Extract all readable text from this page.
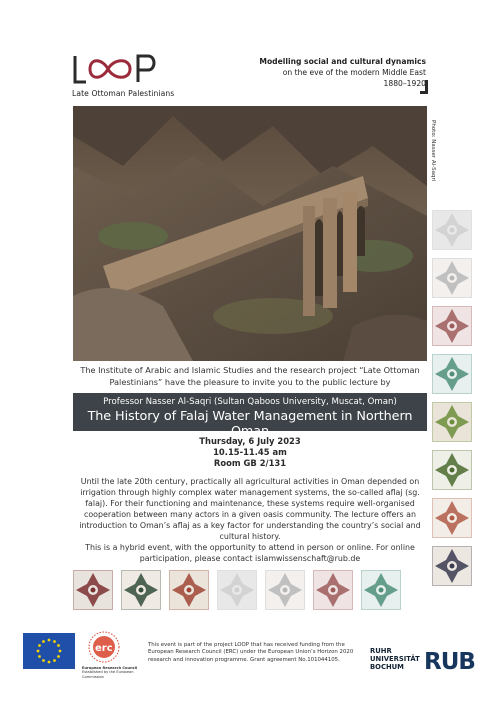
Late Ottoman Palestinians
Modelling social and cultural dynamics
on the eve of the modern Middle East
1880–1920
Photo: Nasser Al-Saqri
The Institute of Arabic and Islamic Studies and the research project “Late Ottoman Palestinians” have the pleasure to invite you to the public lecture by
Professor Nasser Al-Saqri (Sultan Qaboos University, Muscat, Oman)
The History of Falaj Water Management in Northern Oman
Thursday, 6 July 2023
10.15-11.45 am
Room GB 2/131
Until the late 20th century, practically all agricultural activities in Oman depended on irrigation through highly complex water management systems, the so-called aflaj (sg. falaj). For their functioning and maintenance, these systems require well-organised cooperation between many actors in a given oasis community. The lecture offers an introduction to Oman’s aflaj as a key factor for understanding the country’s social and cultural history.
This is a hybrid event, with the opportunity to attend in person or online. For online participation, please contact islamwissenschaft@rub.de
erc
European Research Council
Established by the European Commission
This event is part of the project LOOP that has received funding from the European Research Council (ERC) under the European Union’s Horizon 2020 research and innovation programme. Grant agreement No.101044105.
RUHR
UNIVERSITÄT
BOCHUM RUB
